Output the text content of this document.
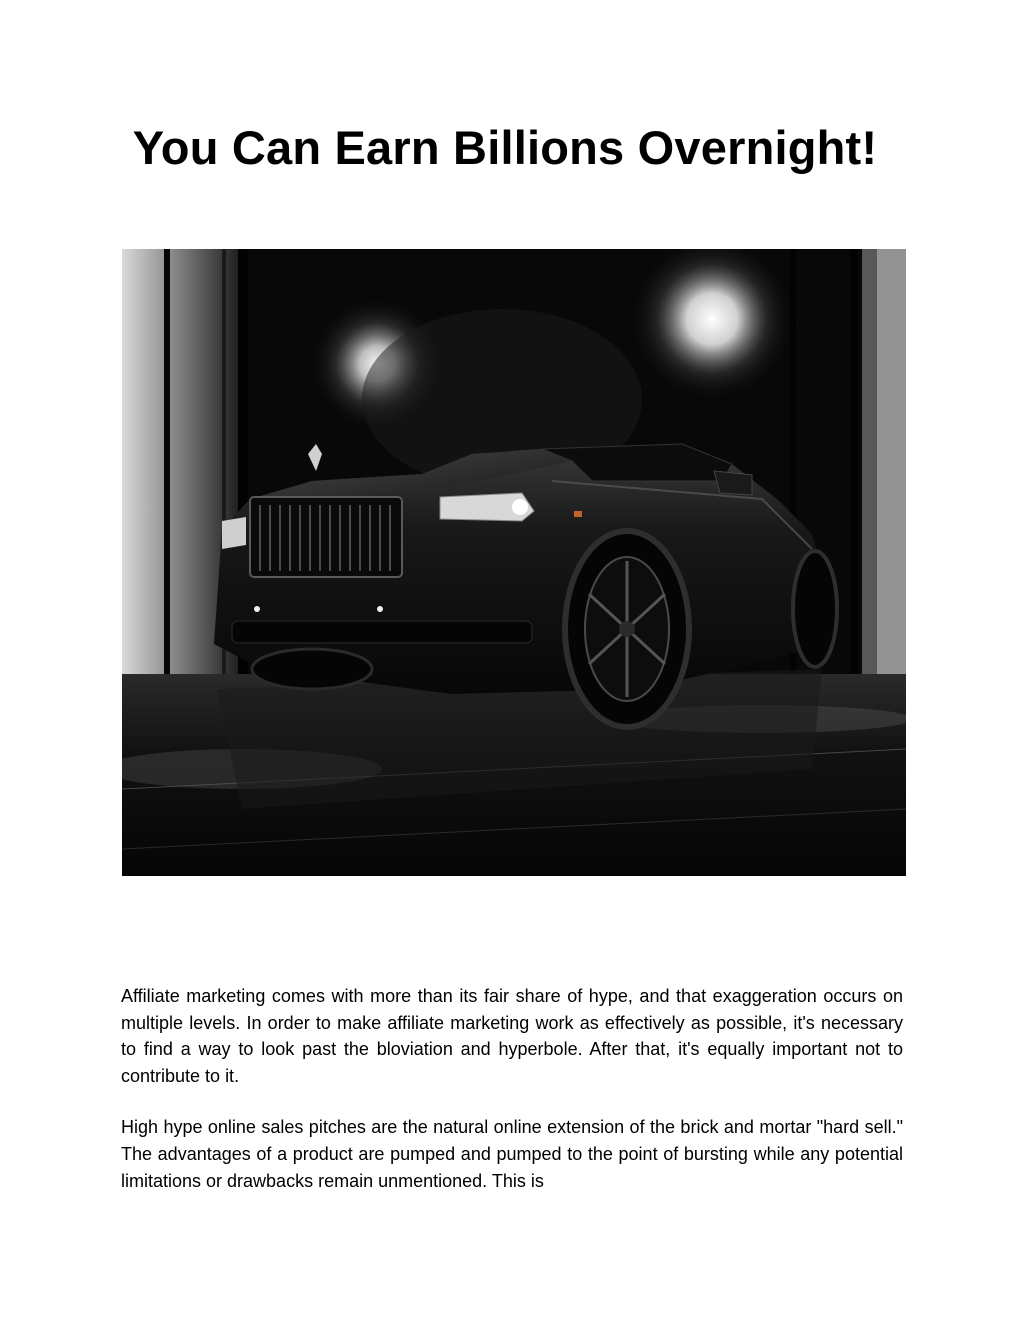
You Can Earn Billions Overnight!

Affiliate marketing comes with more than its fair share of hype, and that exaggeration occurs on multiple levels. In order to make affiliate marketing work as effectively as possible, it's necessary to find a way to look past the bloviation and hyperbole. After that, it's equally important not to contribute to it.

High hype online sales pitches are the natural online extension of the brick and mortar "hard sell." The advantages of a product are pumped and pumped to the point of bursting while any potential limitations or drawbacks remain unmentioned. This is
